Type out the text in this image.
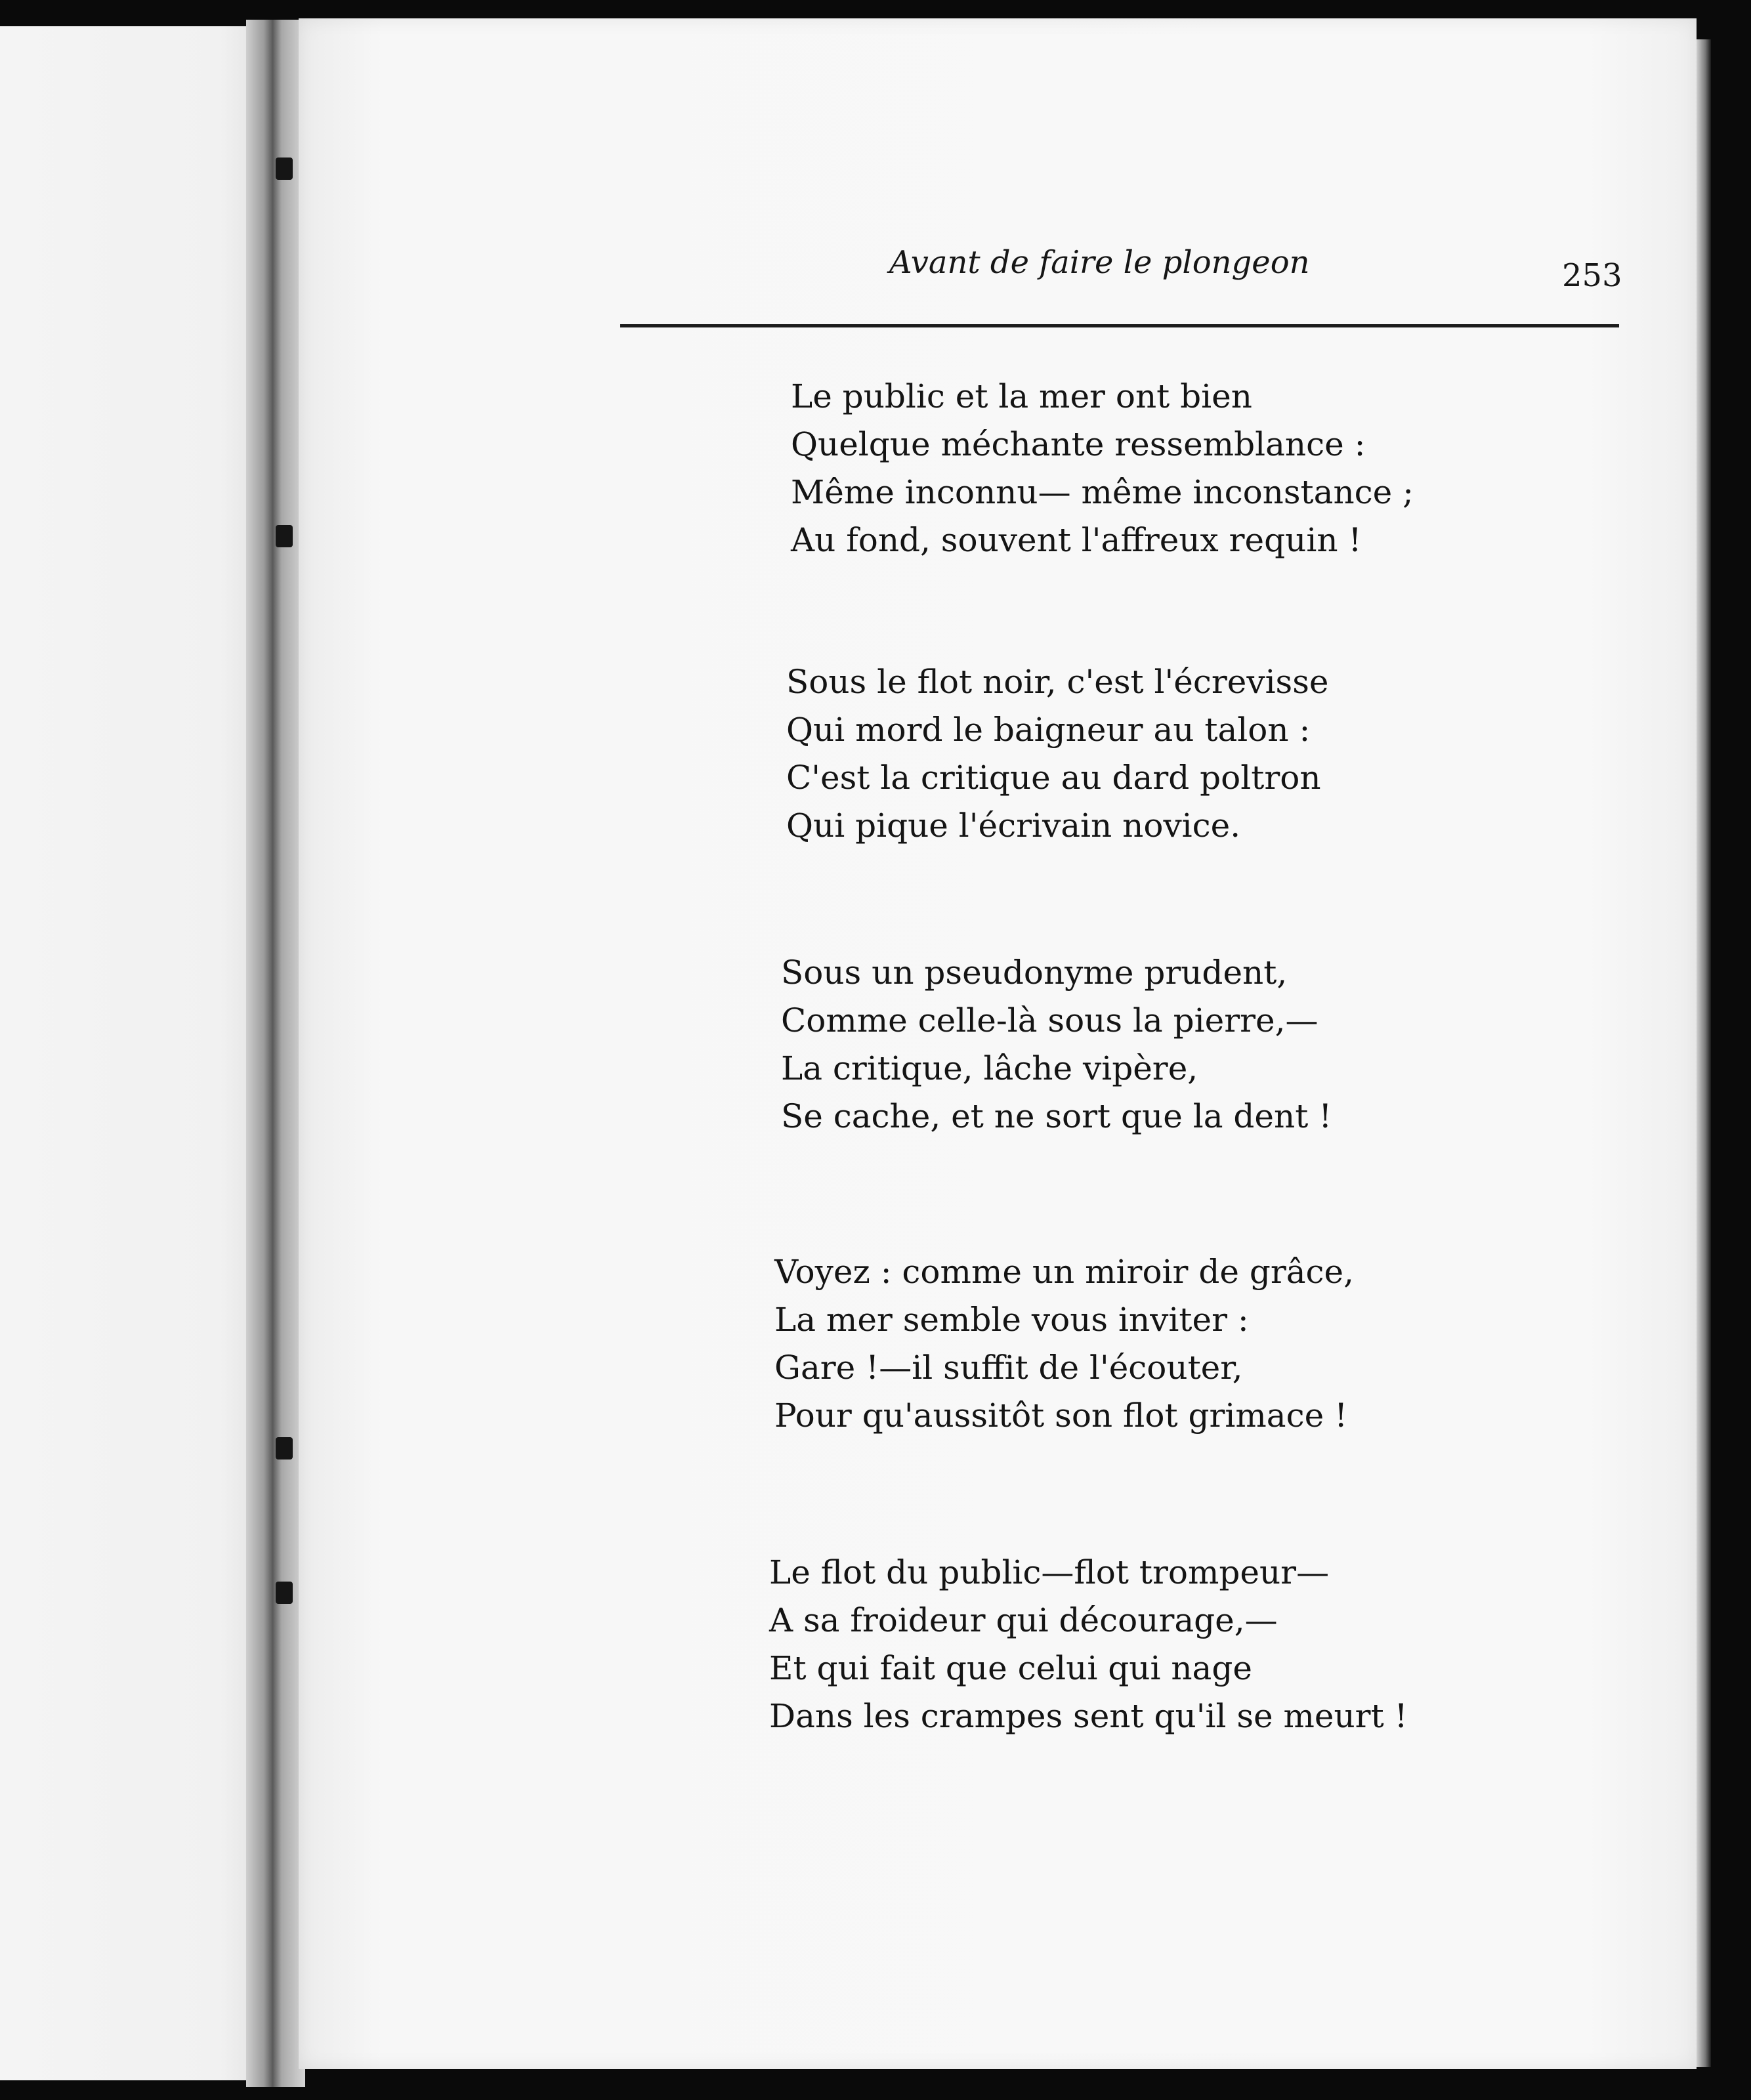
Avant de faire le plongeon	253

Le public et la mer ont bien
Quelque méchante ressemblance :
Même inconnu— même inconstance ;
Au fond, souvent l'affreux requin !
Sous le flot noir, c'est l'écrevisse
Qui mord le baigneur au talon :
C'est la critique au dard poltron
Qui pique l'écrivain novice.
Sous un pseudonyme prudent,
Comme celle-là sous la pierre,—
La critique, lâche vipère,
Se cache, et ne sort que la dent !
Voyez : comme un miroir de grâce,
La mer semble vous inviter :
Gare !—il suffit de l'écouter,
Pour qu'aussitôt son flot grimace !
Le flot du public—flot trompeur—
A sa froideur qui décourage,—
Et qui fait que celui qui nage
Dans les crampes sent qu'il se meurt !
